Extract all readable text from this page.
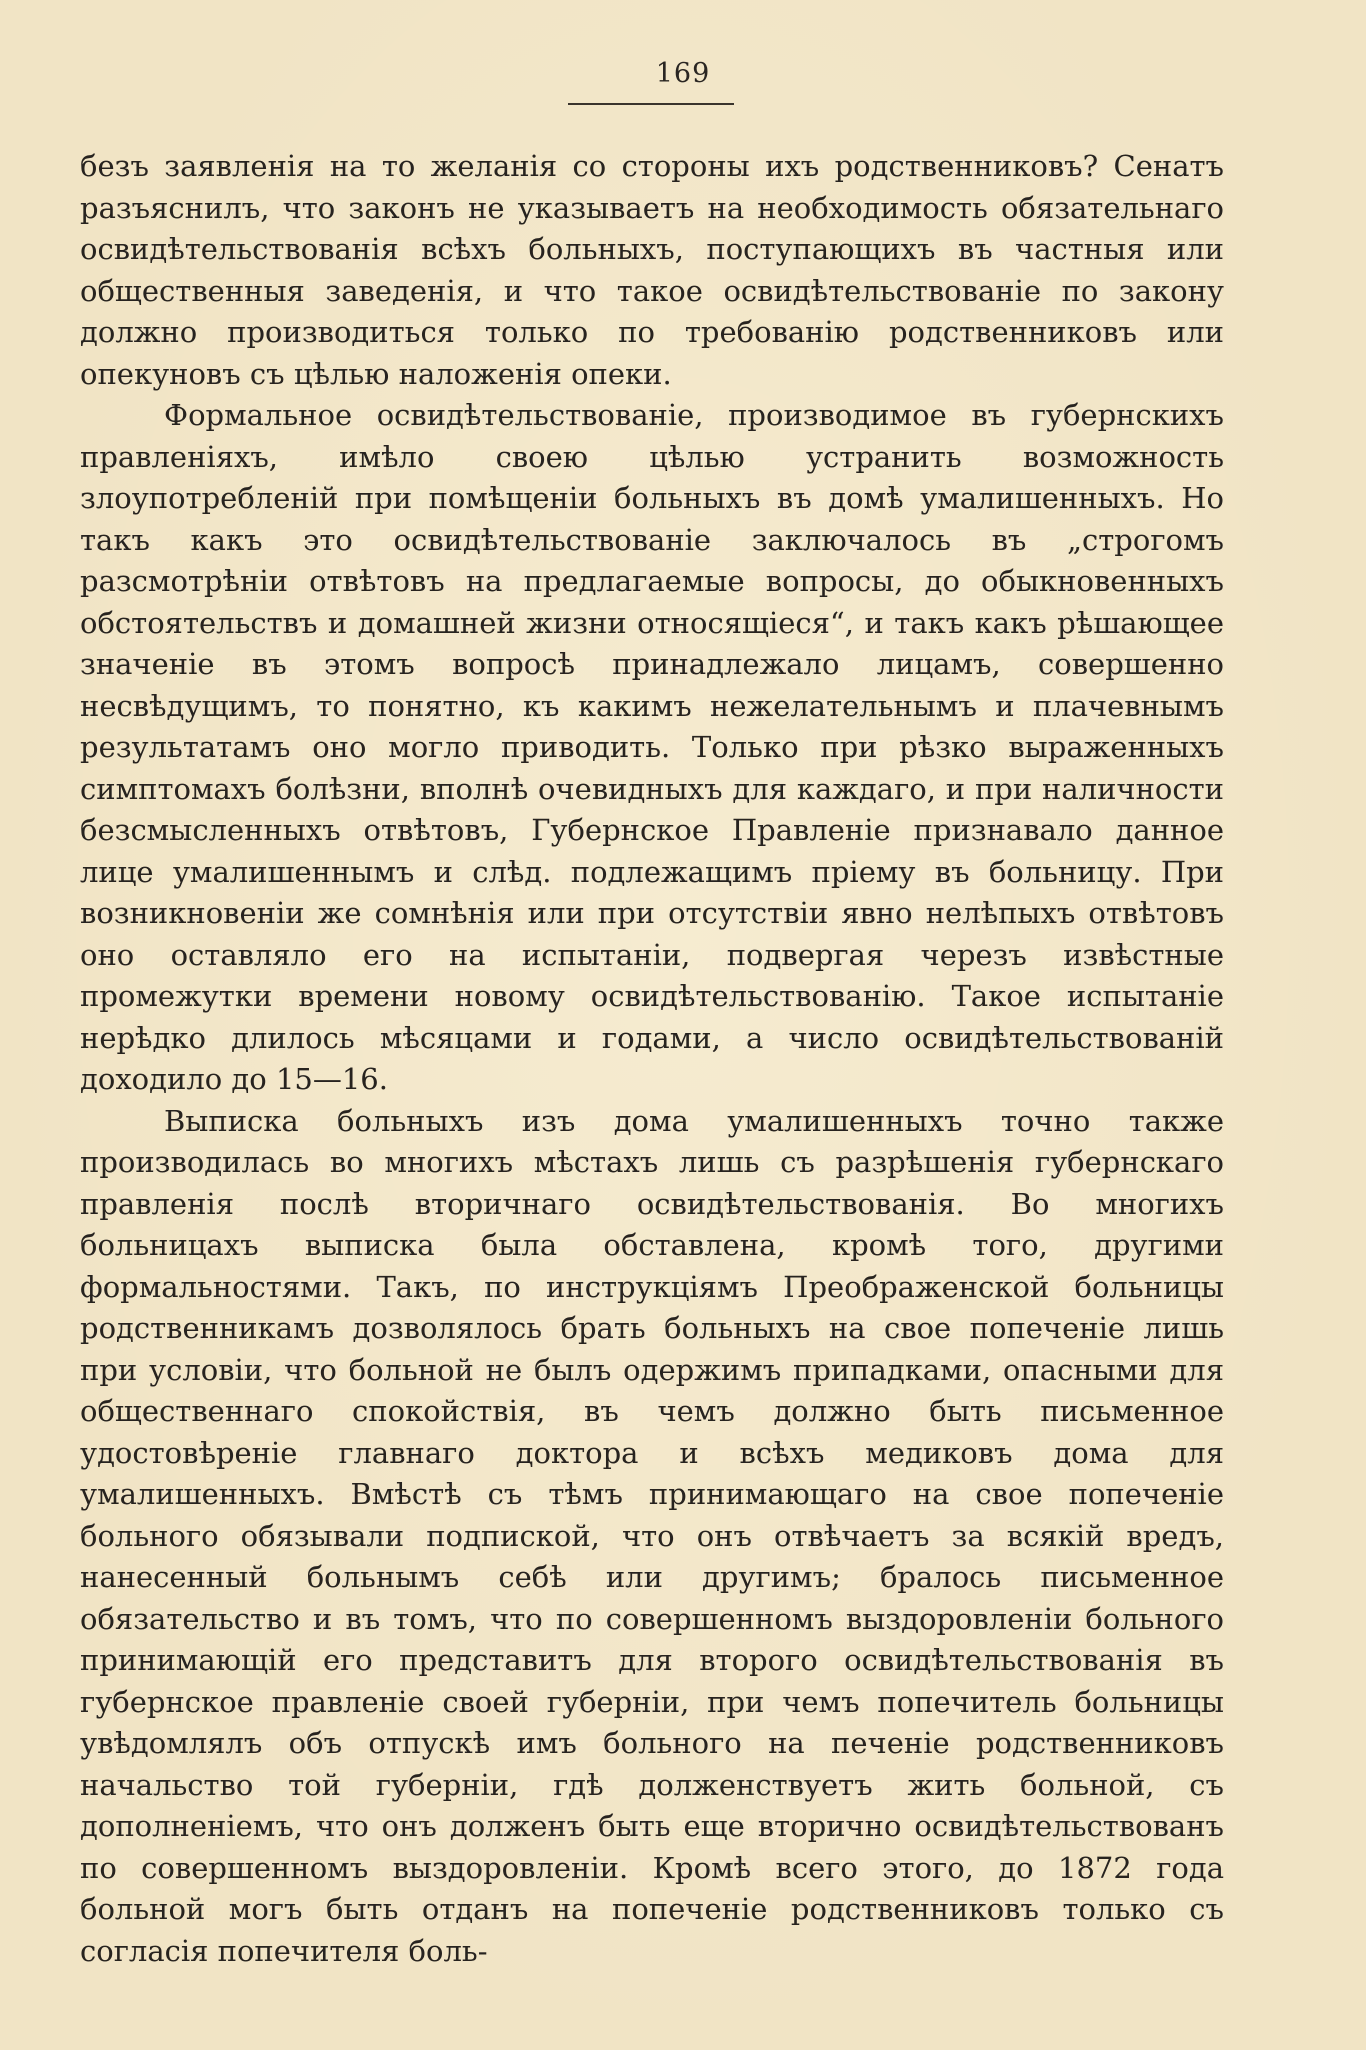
169

безъ заявленія на то желанія со стороны ихъ родственниковъ? Сенатъ разъяснилъ, что законъ не указываетъ на необходимость обязательнаго освидѣтельствованія всѣхъ больныхъ, поступающихъ въ частныя или общественныя заведенія, и что такое освидѣтельствованіе по закону должно производиться только по требованію родственниковъ или опекуновъ съ цѣлью наложенія опеки.

Формальное освидѣтельствованіе, производимое въ губернскихъ правленіяхъ, имѣло своею цѣлью устранить возможность злоупотребленій при помѣщеніи больныхъ въ домѣ умалишенныхъ. Но такъ какъ это освидѣтельствованіе заключалось въ „строгомъ разсмотрѣніи отвѣтовъ на предлагаемые вопросы, до обыкновенныхъ обстоятельствъ и домашней жизни относящіеся“, и такъ какъ рѣшающее значеніе въ этомъ вопросѣ принадлежало лицамъ, совершенно несвѣдущимъ, то понятно, къ какимъ нежелательнымъ и плачевнымъ результатамъ оно могло приводить. Только при рѣзко выраженныхъ симптомахъ болѣзни, вполнѣ очевидныхъ для каждаго, и при наличности безсмысленныхъ отвѣтовъ, Губернское Правленіе признавало данное лице умалишеннымъ и слѣд. подлежащимъ пріему въ больницу. При возникновеніи же сомнѣнія или при отсутствіи явно нелѣпыхъ отвѣтовъ оно оставляло его на испытаніи, подвергая черезъ извѣстные промежутки времени новому освидѣтельствованію. Такое испытаніе нерѣдко длилось мѣсяцами и годами, а число освидѣтельствованій доходило до 15—16.

Выписка больныхъ изъ дома умалишенныхъ точно также производилась во многихъ мѣстахъ лишь съ разрѣшенія губернскаго правленія послѣ вторичнаго освидѣтельствованія. Во многихъ больницахъ выписка была обставлена, кромѣ того, другими формальностями. Такъ, по инструкціямъ Преображенской больницы родственникамъ дозволялось брать больныхъ на свое попеченіе лишь при условіи, что больной не былъ одержимъ припадками, опасными для общественнаго спокойствія, въ чемъ должно быть письменное удостовѣреніе главнаго доктора и всѣхъ медиковъ дома для умалишенныхъ. Вмѣстѣ съ тѣмъ принимающаго на свое попеченіе больного обязывали подпиской, что онъ отвѣчаетъ за всякій вредъ, нанесенный больнымъ себѣ или другимъ; бралось письменное обязательство и въ томъ, что по совершенномъ выздоровленіи больного принимающій его представитъ для второго освидѣтельствованія въ губернское правленіе своей губерніи, при чемъ попечитель больницы увѣдомлялъ объ отпускѣ имъ больного на печеніе родственниковъ начальство той губерніи, гдѣ долженствуетъ жить больной, съ дополненіемъ, что онъ долженъ быть еще вторично освидѣтельствованъ по совершенномъ выздоровленіи. Кромѣ всего этого, до 1872 года больной могъ быть отданъ на попеченіе родственниковъ только съ согласія попечителя боль-
